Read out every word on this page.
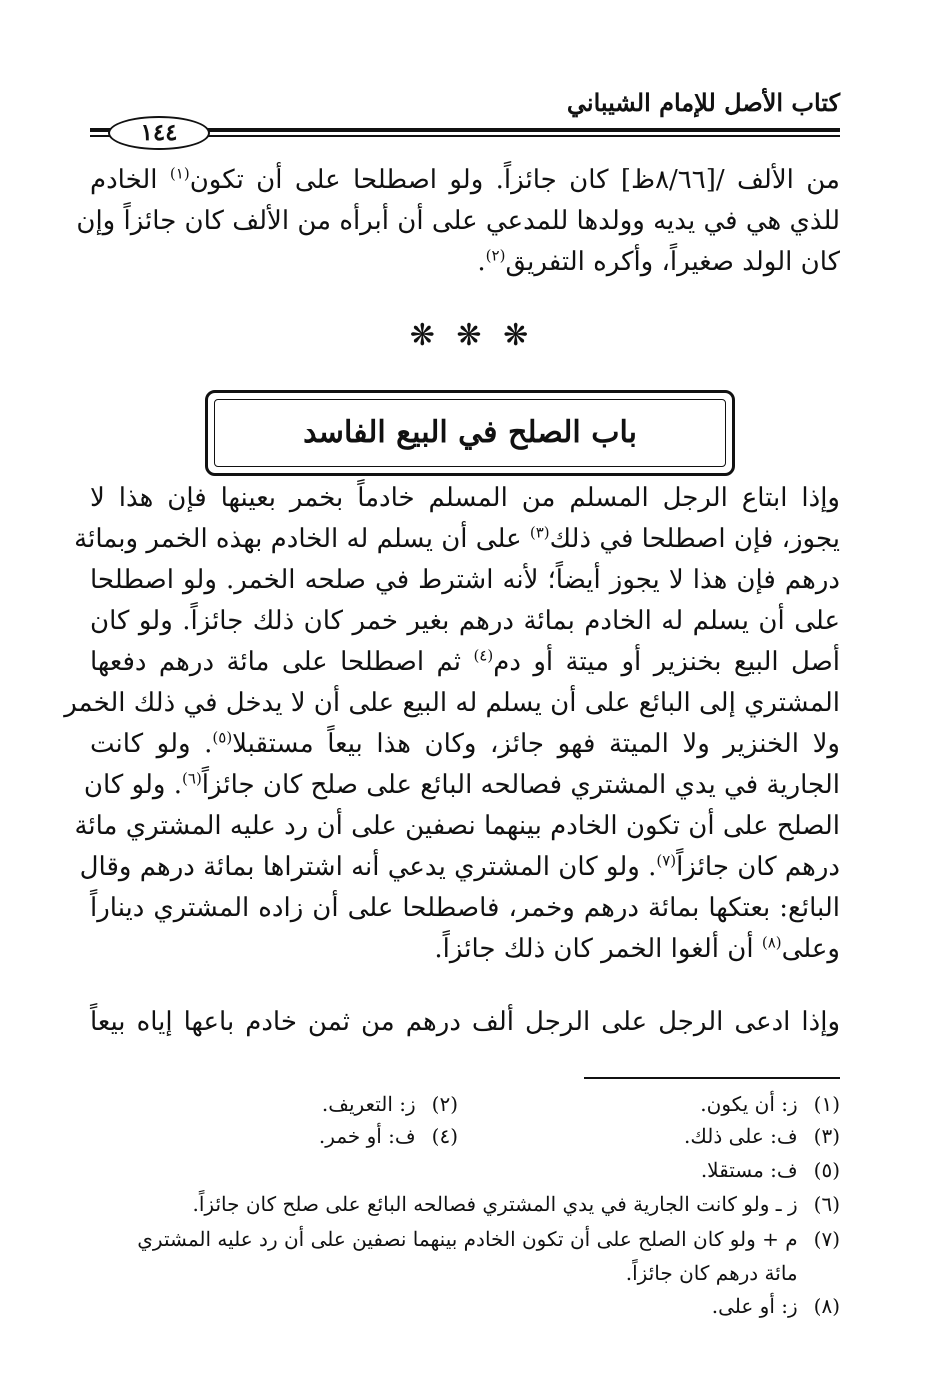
كتاب الأصل للإمام الشيباني
١٤٤
من الألف /[٨/٦٦ظ] كان جائزاً. ولو اصطلحا على أن تكون$^{(١)}$ الخادم
للذي هي في يديه وولدها للمدعي على أن أبرأه من الألف كان جائزاً وإن
كان الولد صغيراً، وأكره التفريق$^{(٢)}$.
❋ ❋ ❋
باب الصلح في البيع الفاسد
وإذا ابتاع الرجل المسلم من المسلم خادماً بخمر بعينها فإن هذا لا
يجوز، فإن اصطلحا في ذلك$^{(٣)}$ على أن يسلم له الخادم بهذه الخمر وبمائة
درهم فإن هذا لا يجوز أيضاً؛ لأنه اشترط في صلحه الخمر. ولو اصطلحا
على أن يسلم له الخادم بمائة درهم بغير خمر كان ذلك جائزاً. ولو كان
أصل البيع بخنزير أو ميتة أو دم$^{(٤)}$ ثم اصطلحا على مائة درهم دفعها
المشتري إلى البائع على أن يسلم له البيع على أن لا يدخل في ذلك الخمر
ولا الخنزير ولا الميتة فهو جائز، وكان هذا بيعاً مستقبلا$^{(٥)}$. ولو كانت
الجارية في يدي المشتري فصالحه البائع على صلح كان جائزاً$^{(٦)}$. ولو كان
الصلح على أن تكون الخادم بينهما نصفين على أن رد عليه المشتري مائة
درهم كان جائزاً$^{(٧)}$. ولو كان المشتري يدعي أنه اشتراها بمائة درهم وقال
البائع: بعتكها بمائة درهم وخمر، فاصطلحا على أن زاده المشتري ديناراً
وعلى$^{(٨)}$ أن ألغوا الخمر كان ذلك جائزاً.
وإذا ادعى الرجل على الرجل ألف درهم من ثمن خادم باعها إياه بيعاً
(١) ز: أن يكون.
(٢) ز: التعريف.
(٣) ف: على ذلك.
(٤) ف: أو خمر.
(٥) ف: مستقلا.
(٦) ز ـ ولو كانت الجارية في يدي المشتري فصالحه البائع على صلح كان جائزاً.
(٧) م + ولو كان الصلح على أن تكون الخادم بينهما نصفين على أن رد عليه المشتري
مائة درهم كان جائزاً.
(٨) ز: أو على.
